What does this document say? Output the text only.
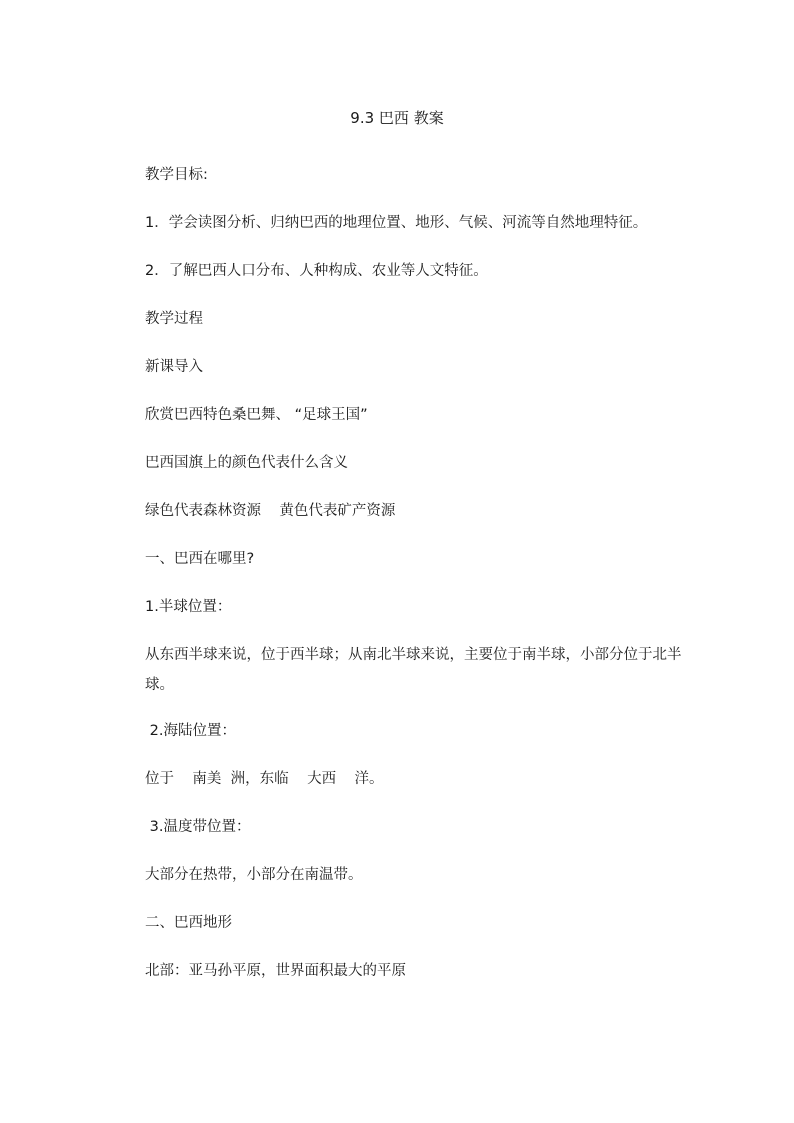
9.3 巴西 教案
教学目标:
1．学会读图分析、归纳巴西的地理位置、地形、气候、河流等自然地理特征。
2．了解巴西人口分布、人种构成、农业等人文特征。
教学过程
新课导入
欣赏巴西特色桑巴舞、 “足球王国”
巴西国旗上的颜色代表什么含义
绿色代表森林资源    黄色代表矿产资源
一、巴西在哪里?
1.半球位置：
从东西半球来说，位于西半球；从南北半球来说，主要位于南半球，小部分位于北半球。
2.海陆位置：
位于    南美  洲，东临    大西    洋。
3.温度带位置：
大部分在热带，小部分在南温带。
二、巴西地形
北部：亚马孙平原，世界面积最大的平原
